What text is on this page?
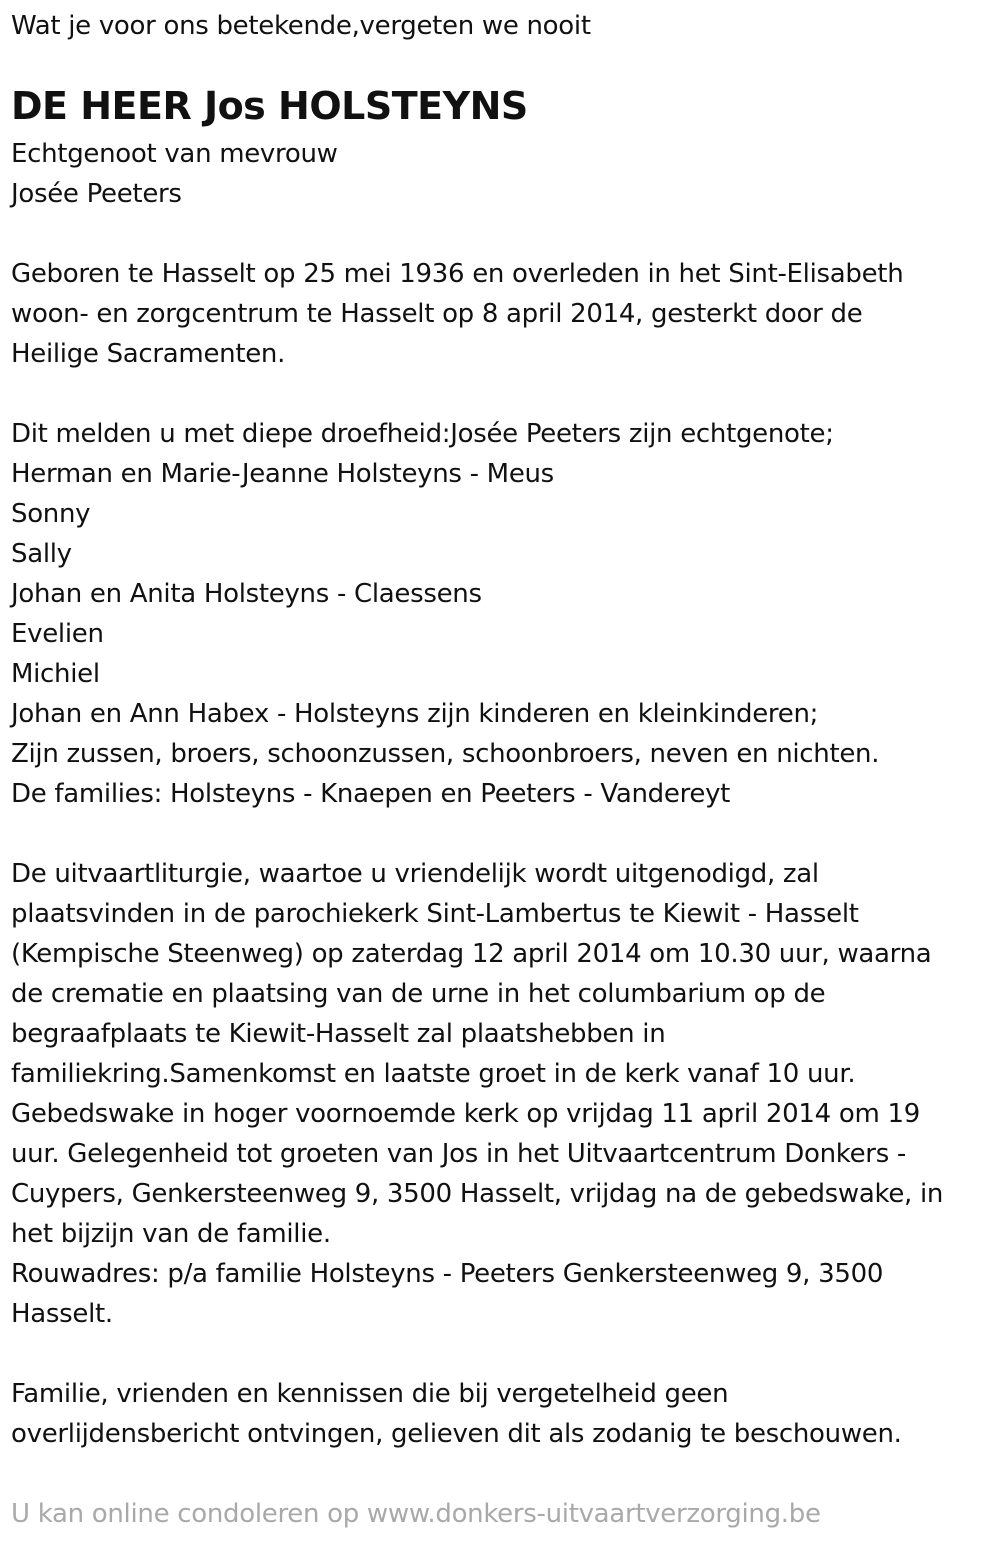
Wat je voor ons betekende,vergeten we nooit
DE HEER Jos HOLSTEYNS
Echtgenoot van mevrouw
Josée Peeters
Geboren te Hasselt op 25 mei 1936 en overleden in het Sint-Elisabeth
woon- en zorgcentrum te Hasselt op 8 april 2014, gesterkt door de
Heilige Sacramenten.
Dit melden u met diepe droefheid:Josée Peeters zijn echtgenote;
Herman en Marie-Jeanne Holsteyns - Meus
Sonny
Sally
Johan en Anita Holsteyns - Claessens
Evelien
Michiel
Johan en Ann Habex - Holsteyns zijn kinderen en kleinkinderen;
Zijn zussen, broers, schoonzussen, schoonbroers, neven en nichten.
De families: Holsteyns - Knaepen en Peeters - Vandereyt
De uitvaartliturgie, waartoe u vriendelijk wordt uitgenodigd, zal
plaatsvinden in de parochiekerk Sint-Lambertus te Kiewit - Hasselt
(Kempische Steenweg) op zaterdag 12 april 2014 om 10.30 uur, waarna
de crematie en plaatsing van de urne in het columbarium op de
begraafplaats te Kiewit-Hasselt zal plaatshebben in
familiekring.Samenkomst en laatste groet in de kerk vanaf 10 uur.
Gebedswake in hoger voornoemde kerk op vrijdag 11 april 2014 om 19
uur. Gelegenheid tot groeten van Jos in het Uitvaartcentrum Donkers -
Cuypers, Genkersteenweg 9, 3500 Hasselt, vrijdag na de gebedswake, in
het bijzijn van de familie.
Rouwadres: p/a familie Holsteyns - Peeters Genkersteenweg 9, 3500
Hasselt.
Familie, vrienden en kennissen die bij vergetelheid geen
overlijdensbericht ontvingen, gelieven dit als zodanig te beschouwen.
U kan online condoleren op www.donkers-uitvaartverzorging.be
